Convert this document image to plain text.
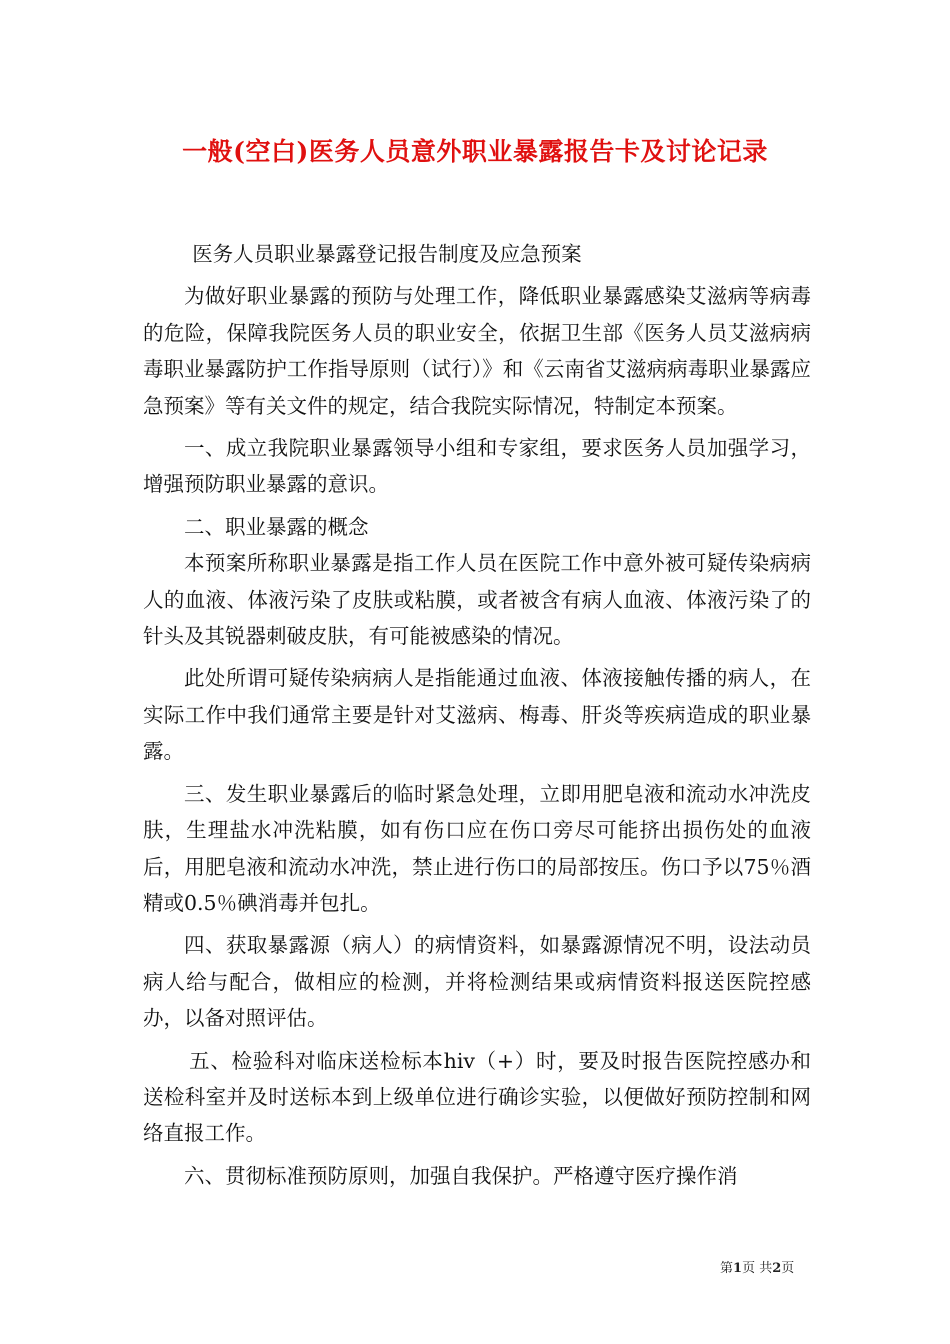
一般(空白)医务人员意外职业暴露报告卡及讨论记录

医务人员职业暴露登记报告制度及应急预案

为做好职业暴露的预防与处理工作，降低职业暴露感染艾滋病等病毒的危险，保障我院医务人员的职业安全，依据卫生部《医务人员艾滋病病毒职业暴露防护工作指导原则（试行）》和《云南省艾滋病病毒职业暴露应急预案》等有关文件的规定，结合我院实际情况，特制定本预案。

一、成立我院职业暴露领导小组和专家组，要求医务人员加强学习，增强预防职业暴露的意识。

二、职业暴露的概念

本预案所称职业暴露是指工作人员在医院工作中意外被可疑传染病病人的血液、体液污染了皮肤或粘膜，或者被含有病人血液、体液污染了的针头及其锐器刺破皮肤，有可能被感染的情况。

此处所谓可疑传染病病人是指能通过血液、体液接触传播的病人，在实际工作中我们通常主要是针对艾滋病、梅毒、肝炎等疾病造成的职业暴露。

三、发生职业暴露后的临时紧急处理，立即用肥皂液和流动水冲洗皮肤，生理盐水冲洗粘膜，如有伤口应在伤口旁尽可能挤出损伤处的血液后，用肥皂液和流动水冲洗，禁止进行伤口的局部按压。伤口予以75％酒精或0.5％碘消毒并包扎。

四、获取暴露源（病人）的病情资料，如暴露源情况不明，设法动员病人给与配合，做相应的检测，并将检测结果或病情资料报送医院控感办，以备对照评估。

五、检验科对临床送检标本hiv（+）时，要及时报告医院控感办和送检科室并及时送标本到上级单位进行确诊实验，以便做好预防控制和网络直报工作。

六、贯彻标准预防原则，加强自我保护。严格遵守医疗操作消

第1页 共2页
